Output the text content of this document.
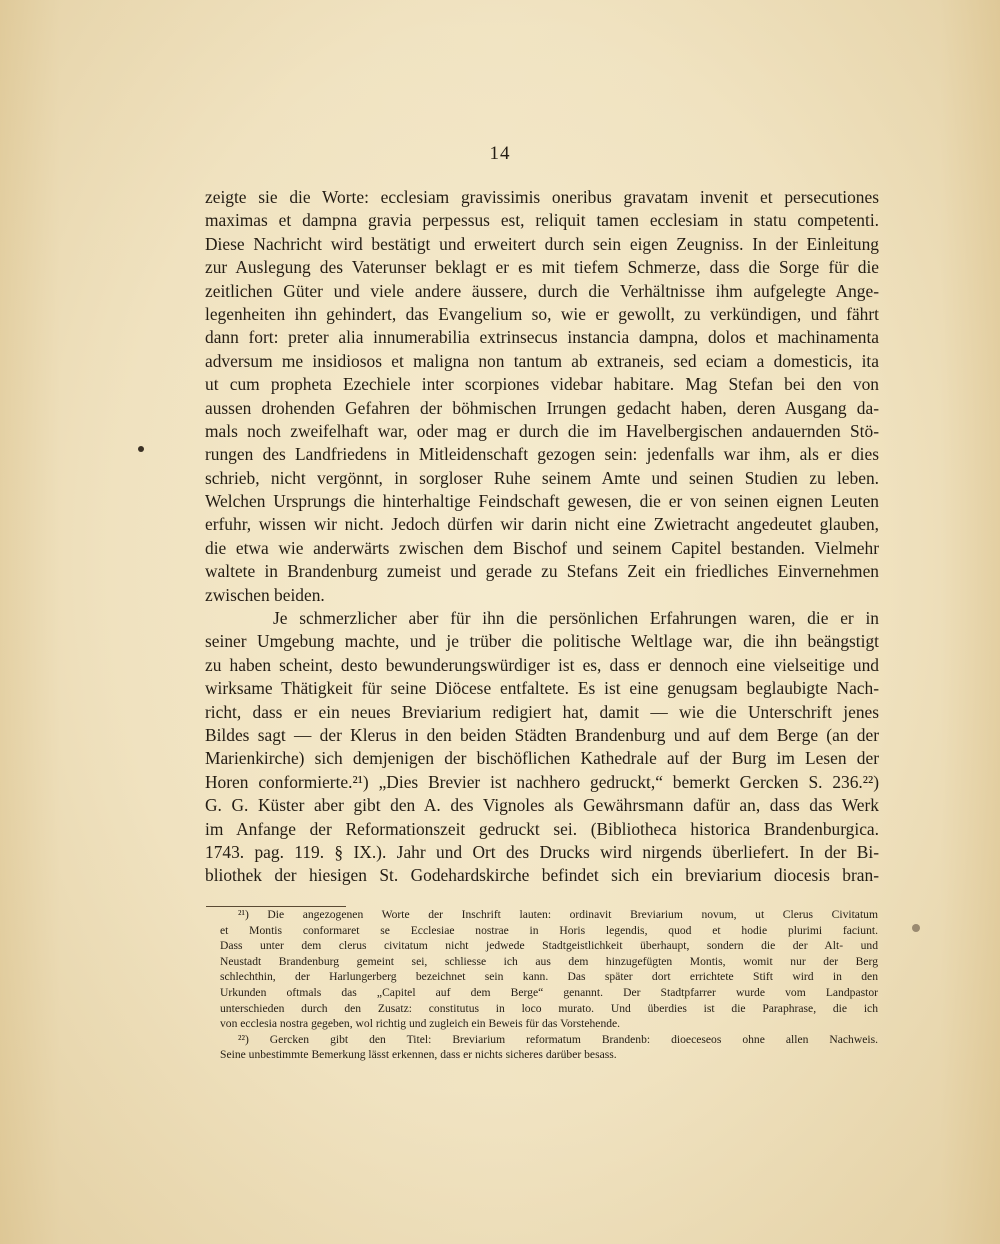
14
zeigte sie die Worte: ecclesiam gravissimis oneribus gravatam invenit et persecutiones
maximas et dampna gravia perpessus est, reliquit tamen ecclesiam in statu competenti.
Diese Nachricht wird bestätigt und erweitert durch sein eigen Zeugniss. In der Einleitung
zur Auslegung des Vaterunser beklagt er es mit tiefem Schmerze, dass die Sorge für die
zeitlichen Güter und viele andere äussere, durch die Verhältnisse ihm aufgelegte Ange-
legenheiten ihn gehindert, das Evangelium so, wie er gewollt, zu verkündigen, und fährt
dann fort: preter alia innumerabilia extrinsecus instancia dampna, dolos et machinamenta
adversum me insidiosos et maligna non tantum ab extraneis, sed eciam a domesticis, ita
ut cum propheta Ezechiele inter scorpiones videbar habitare. Mag Stefan bei den von
aussen drohenden Gefahren der böhmischen Irrungen gedacht haben, deren Ausgang da-
mals noch zweifelhaft war, oder mag er durch die im Havelbergischen andauernden Stö-
rungen des Landfriedens in Mitleidenschaft gezogen sein: jedenfalls war ihm, als er dies
schrieb, nicht vergönnt, in sorgloser Ruhe seinem Amte und seinen Studien zu leben.
Welchen Ursprungs die hinterhaltige Feindschaft gewesen, die er von seinen eignen Leuten
erfuhr, wissen wir nicht. Jedoch dürfen wir darin nicht eine Zwietracht angedeutet glauben,
die etwa wie anderwärts zwischen dem Bischof und seinem Capitel bestanden. Vielmehr
waltete in Brandenburg zumeist und gerade zu Stefans Zeit ein friedliches Einvernehmen
zwischen beiden.
Je schmerzlicher aber für ihn die persönlichen Erfahrungen waren, die er in
seiner Umgebung machte, und je trüber die politische Weltlage war, die ihn beängstigt
zu haben scheint, desto bewunderungswürdiger ist es, dass er dennoch eine vielseitige und
wirksame Thätigkeit für seine Diöcese entfaltete. Es ist eine genugsam beglaubigte Nach-
richt, dass er ein neues Breviarium redigiert hat, damit — wie die Unterschrift jenes
Bildes sagt — der Klerus in den beiden Städten Brandenburg und auf dem Berge (an der
Marienkirche) sich demjenigen der bischöflichen Kathedrale auf der Burg im Lesen der
Horen conformierte.²¹) „Dies Brevier ist nachhero gedruckt,“ bemerkt Gercken S. 236.²²)
G. G. Küster aber gibt den A. des Vignoles als Gewährsmann dafür an, dass das Werk
im Anfange der Reformationszeit gedruckt sei. (Bibliotheca historica Brandenburgica.
1743. pag. 119. § IX.). Jahr und Ort des Drucks wird nirgends überliefert. In der Bi-
bliothek der hiesigen St. Godehardskirche befindet sich ein breviarium diocesis bran-
²¹) Die angezogenen Worte der Inschrift lauten: ordinavit Breviarium novum, ut Clerus Civitatum
et Montis conformaret se Ecclesiae nostrae in Horis legendis, quod et hodie plurimi faciunt.
Dass unter dem clerus civitatum nicht jedwede Stadtgeistlichkeit überhaupt, sondern die der Alt- und
Neustadt Brandenburg gemeint sei, schliesse ich aus dem hinzugefügten Montis, womit nur der Berg
schlechthin, der Harlungerberg bezeichnet sein kann. Das später dort errichtete Stift wird in den
Urkunden oftmals das „Capitel auf dem Berge“ genannt. Der Stadtpfarrer wurde vom Landpastor
unterschieden durch den Zusatz: constitutus in loco murato. Und überdies ist die Paraphrase, die ich
von ecclesia nostra gegeben, wol richtig und zugleich ein Beweis für das Vorstehende.
²²) Gercken gibt den Titel: Breviarium reformatum Brandenb: dioeceseos ohne allen Nachweis.
Seine unbestimmte Bemerkung lässt erkennen, dass er nichts sicheres darüber besass.
